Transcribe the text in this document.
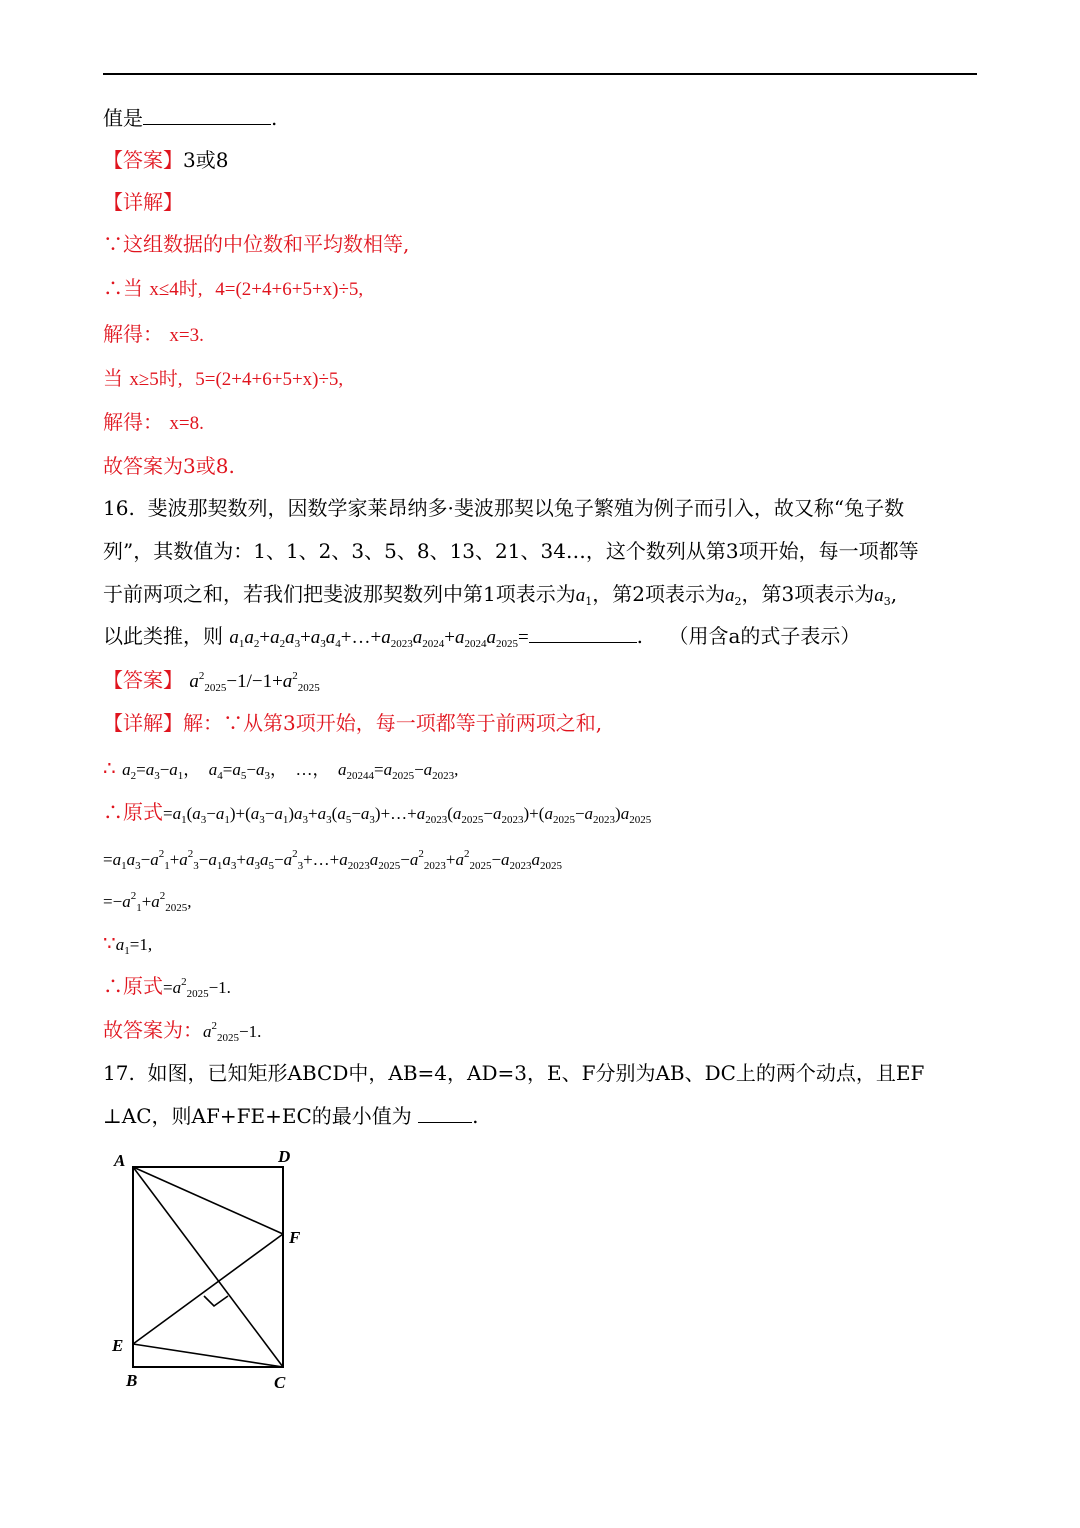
值是	.
【答案】3或8
【详解】
∵这组数据的中位数和平均数相等,
∴当 x≤4时, 4=(2+4+6+5+x)÷5,
解得： x=3.
当 x≥5时, 5=(2+4+6+5+x)÷5,
解得： x=8.
故答案为3或8.
16. 斐波那契数列，因数学家莱昂纳多·斐波那契以兔子繁殖为例子而引入，故又称“兔子数
列”，其数值为：1、1、2、3、5、8、13、21、34…，这个数列从第3项开始，每一项都等
于前两项之和，若我们把斐波那契数列中第1项表示为$a_1$，第2项表示为$a_2$，第3项表示为$a_3$,
以此类推，则 $a_1a_2+a_2a_3+a_3a_4+\dots+a_{2023}a_{2024}+a_{2024}a_{2025}=$	.    （用含a的式子表示）
【答案】 $a^2_{2025}-1/-1+a^2_{2025}$
【详解】解：∵从第3项开始，每一项都等于前两项之和,
∴ $a_2=a_3-a_1$，  $a_4=a_5-a_3$，  …，  $a_{20244}=a_{2025}-a_{2023}$,
∴原式$=a_1(a_3-a_1)+(a_3-a_1)a_3+a_3(a_5-a_3)+\dots+a_{2023}(a_{2025}-a_{2023})+(a_{2025}-a_{2023})a_{2025}$
$=a_1a_3-a^2_1+a^2_3-a_1a_3+a_3a_5-a^2_3+\dots+a_{2023}a_{2025}-a^2_{2023}+a^2_{2025}-a_{2023}a_{2025}$
$=-a^2_1+a^2_{2025}$,
$\because a_1=1$,
∴原式$=a^2_{2025}-1$.
故答案为：$a^2_{2025}-1$.
17. 如图，已知矩形ABCD中，AB=4，AD=3，E、F分别为AB、DC上的两个动点，且EF
⊥AC，则AF+FE+EC的最小值为	.
A	D
F
E
B	C
